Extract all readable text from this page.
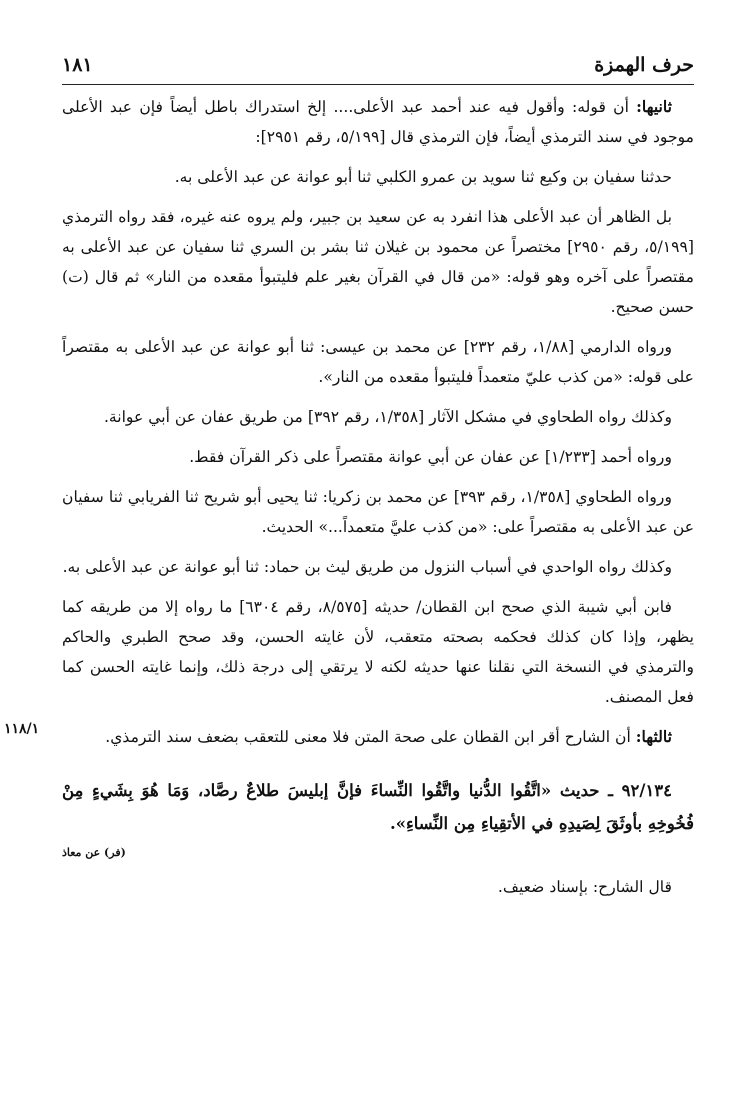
حرف الهمزة
١٨١
١١٨/١

ثانيها: أن قوله: وأقول فيه عند أحمد عبد الأعلى.... إلخ استدراك باطل أيضاً فإن عبد الأعلى موجود في سند الترمذي أيضاً، فإن الترمذي قال [٥/١٩٩، رقم ٢٩٥١]:

حدثنا سفيان بن وكيع ثنا سويد بن عمرو الكلبي ثنا أبو عوانة عن عبد الأعلى به.

بل الظاهر أن عبد الأعلى هذا انفرد به عن سعيد بن جبير، ولم يروه عنه غيره، فقد رواه الترمذي [٥/١٩٩، رقم ٢٩٥٠] مختصراً عن محمود بن غيلان ثنا بشر بن السري ثنا سفيان عن عبد الأعلى به مقتصراً على آخره وهو قوله: «من قال في القرآن بغير علم فليتبوأ مقعده من النار» ثم قال (ت) حسن صحيح.

ورواه الدارمي [١/٨٨، رقم ٢٣٢] عن محمد بن عيسى: ثنا أبو عوانة عن عبد الأعلى به مقتصراً على قوله: «من كذب عليّ متعمداً فليتبوأ مقعده من النار».

وكذلك رواه الطحاوي في مشكل الآثار [١/٣٥٨، رقم ٣٩٢] من طريق عفان عن أبي عوانة.

ورواه أحمد [١/٢٣٣] عن عفان عن أبي عوانة مقتصراً على ذكر القرآن فقط.

ورواه الطحاوي [١/٣٥٨، رقم ٣٩٣] عن محمد بن زكريا: ثنا يحيى أبو شريح ثنا الفريابي ثنا سفيان عن عبد الأعلى به مقتصراً على: «من كذب عليَّ متعمداً...» الحديث.

وكذلك رواه الواحدي في أسباب النزول من طريق ليث بن حماد: ثنا أبو عوانة عن عبد الأعلى به.

فابن أبي شيبة الذي صحح ابن القطان/ حديثه [٨/٥٧٥، رقم ٦٣٠٤] ما رواه إلا من طريقه كما يظهر، وإذا كان كذلك فحكمه بصحته متعقب، لأن غايته الحسن، وقد صحح الطبري والحاكم والترمذي في النسخة التي نقلنا عنها حديثه لكنه لا يرتقي إلى درجة ذلك، وإنما غايته الحسن كما فعل المصنف.

ثالثها: أن الشارح أقر ابن القطان على صحة المتن فلا معنى للتعقب بضعف سند الترمذي.

٩٢/١٣٤ ـ حديث «اتَّقُوا الدُّنيا واتَّقُوا النِّساءَ فإنَّ إبليسَ طلاعٌ رصَّاد، وَمَا هُوَ بِشَيءٍ مِنْ فُخُوخِهِ بأوثَقَ لِصَيدِهِ في الأتقِياءِ مِن النِّساءِ».

(فر) عن معاذ

قال الشارح: بإسناد ضعيف.
